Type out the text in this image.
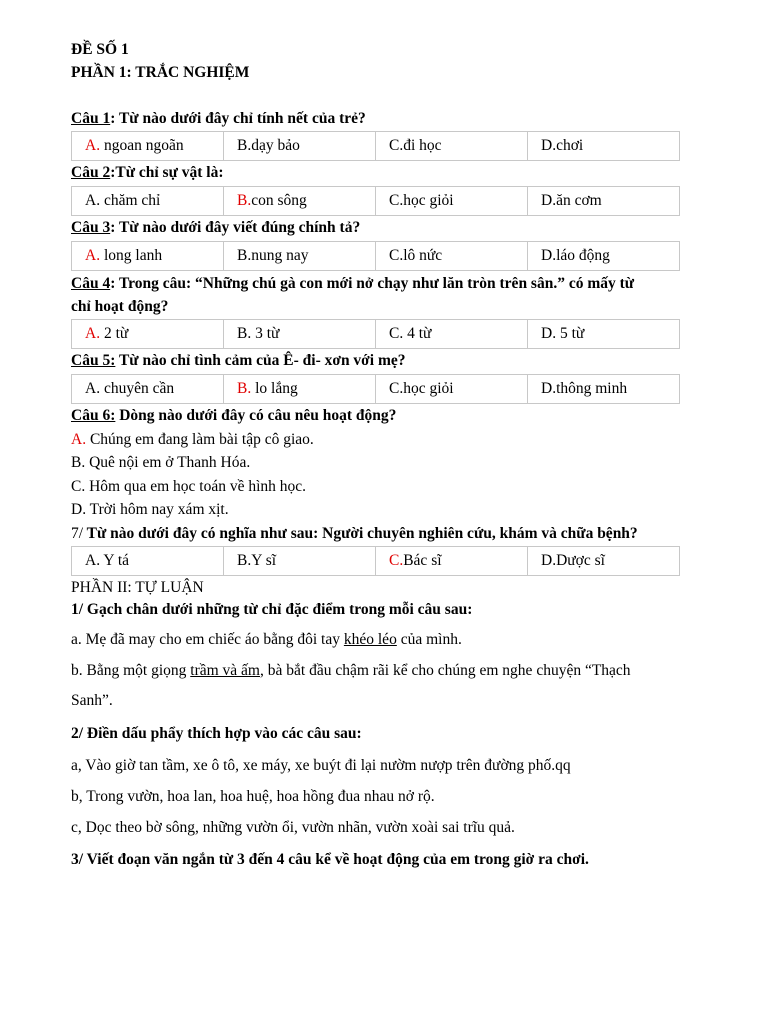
ĐỀ SỐ 1
PHẦN 1: TRẮC NGHIỆM
Câu 1: Từ nào dưới đây chỉ tính nết của trẻ?
A. ngoan ngoãn	B.dạy bảo	C.đi học	D.chơi
Câu 2:Từ chỉ sự vật là:
A. chăm chỉ	B.con sông	C.học giỏi	D.ăn cơm
Câu 3: Từ nào dưới đây viết đúng chính tả?
A. long lanh	B.nung nay	C.lô nức	D.láo động
Câu 4: Trong câu: “Những chú gà con mới nở chạy như lăn tròn trên sân.” có mấy từ
chỉ hoạt động?
A. 2 từ	B. 3 từ	C. 4 từ	D. 5 từ
Câu 5: Từ nào chỉ tình cảm của Ê- đi- xơn với mẹ?
A. chuyên cần	B. lo lắng	C.học giỏi	D.thông minh
Câu 6: Dòng nào dưới đây có câu nêu hoạt động?
A. Chúng em đang làm bài tập cô giao.
B. Quê nội em ở Thanh Hóa.
C. Hôm qua em học toán về hình học.
D. Trời hôm nay xám xịt.
7/ Từ nào dưới đây có nghĩa như sau: Người chuyên nghiên cứu, khám và chữa bệnh?
A. Y tá	B.Y sĩ	C.Bác sĩ	D.Dược sĩ
PHẦN II: TỰ LUẬN
1/ Gạch chân dưới những từ chỉ đặc điểm trong mỗi câu sau:
a. Mẹ đã may cho em chiếc áo bằng đôi tay khéo léo của mình.
b. Bằng một giọng trầm và ấm, bà bắt đầu chậm rãi kể cho chúng em nghe chuyện “Thạch
Sanh”.
2/ Điền dấu phẩy thích hợp vào các câu sau:
a, Vào giờ tan tầm, xe ô tô, xe máy, xe buýt đi lại nườm nượp trên đường phố.qq
b, Trong vườn, hoa lan, hoa huệ, hoa hồng đua nhau nở rộ.
c, Dọc theo bờ sông, những vườn ổi, vườn nhãn, vườn xoài sai trĩu quả.
3/ Viết đoạn văn ngắn từ 3 đến 4 câu kể về hoạt động của em trong giờ ra chơi.
